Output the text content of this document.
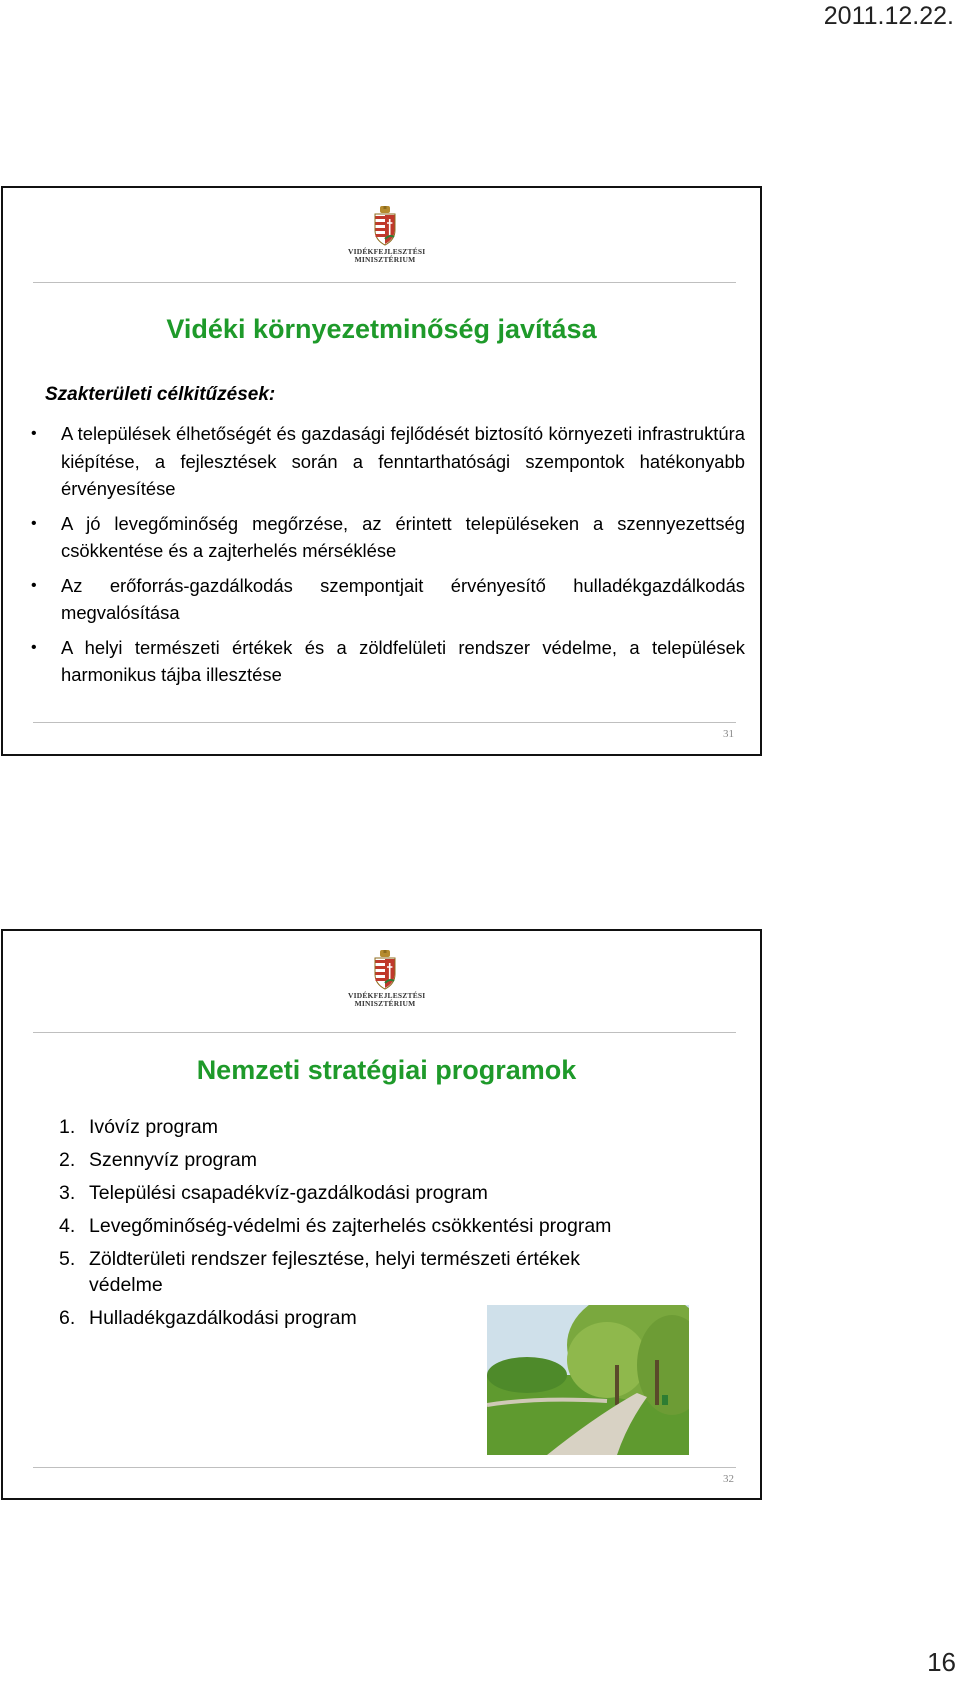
2011.12.22.
VIDÉKFEJLESZTÉSI
MINISZTÉRIUM
Vidéki környezetminőség javítása

Szakterületi célkitűzések:

• A települések élhetőségét és gazdasági fejlődését biztosító környezeti infrastruktúra kiépítése, a fejlesztések során a fenntarthatósági szempontok hatékonyabb érvényesítése
• A jó levegőminőség megőrzése, az érintett településeken a szennyezettség csökkentése és a zajterhelés mérséklése
• Az erőforrás-gazdálkodás szempontjait érvényesítő hulladékgazdálkodás megvalósítása
• A helyi természeti értékek és a zöldfelületi rendszer védelme, a települések harmonikus tájba illesztése
31
VIDÉKFEJLESZTÉSI
MINISZTÉRIUM
Nemzeti stratégiai programok
1. Ivóvíz program
2. Szennyvíz program
3. Települési csapadékvíz-gazdálkodási program
4. Levegőminőség-védelmi és zajterhelés csökkentési program
5. Zöldterületi rendszer fejlesztése, helyi természeti értékek védelme
6. Hulladékgazdálkodási program
32
16
